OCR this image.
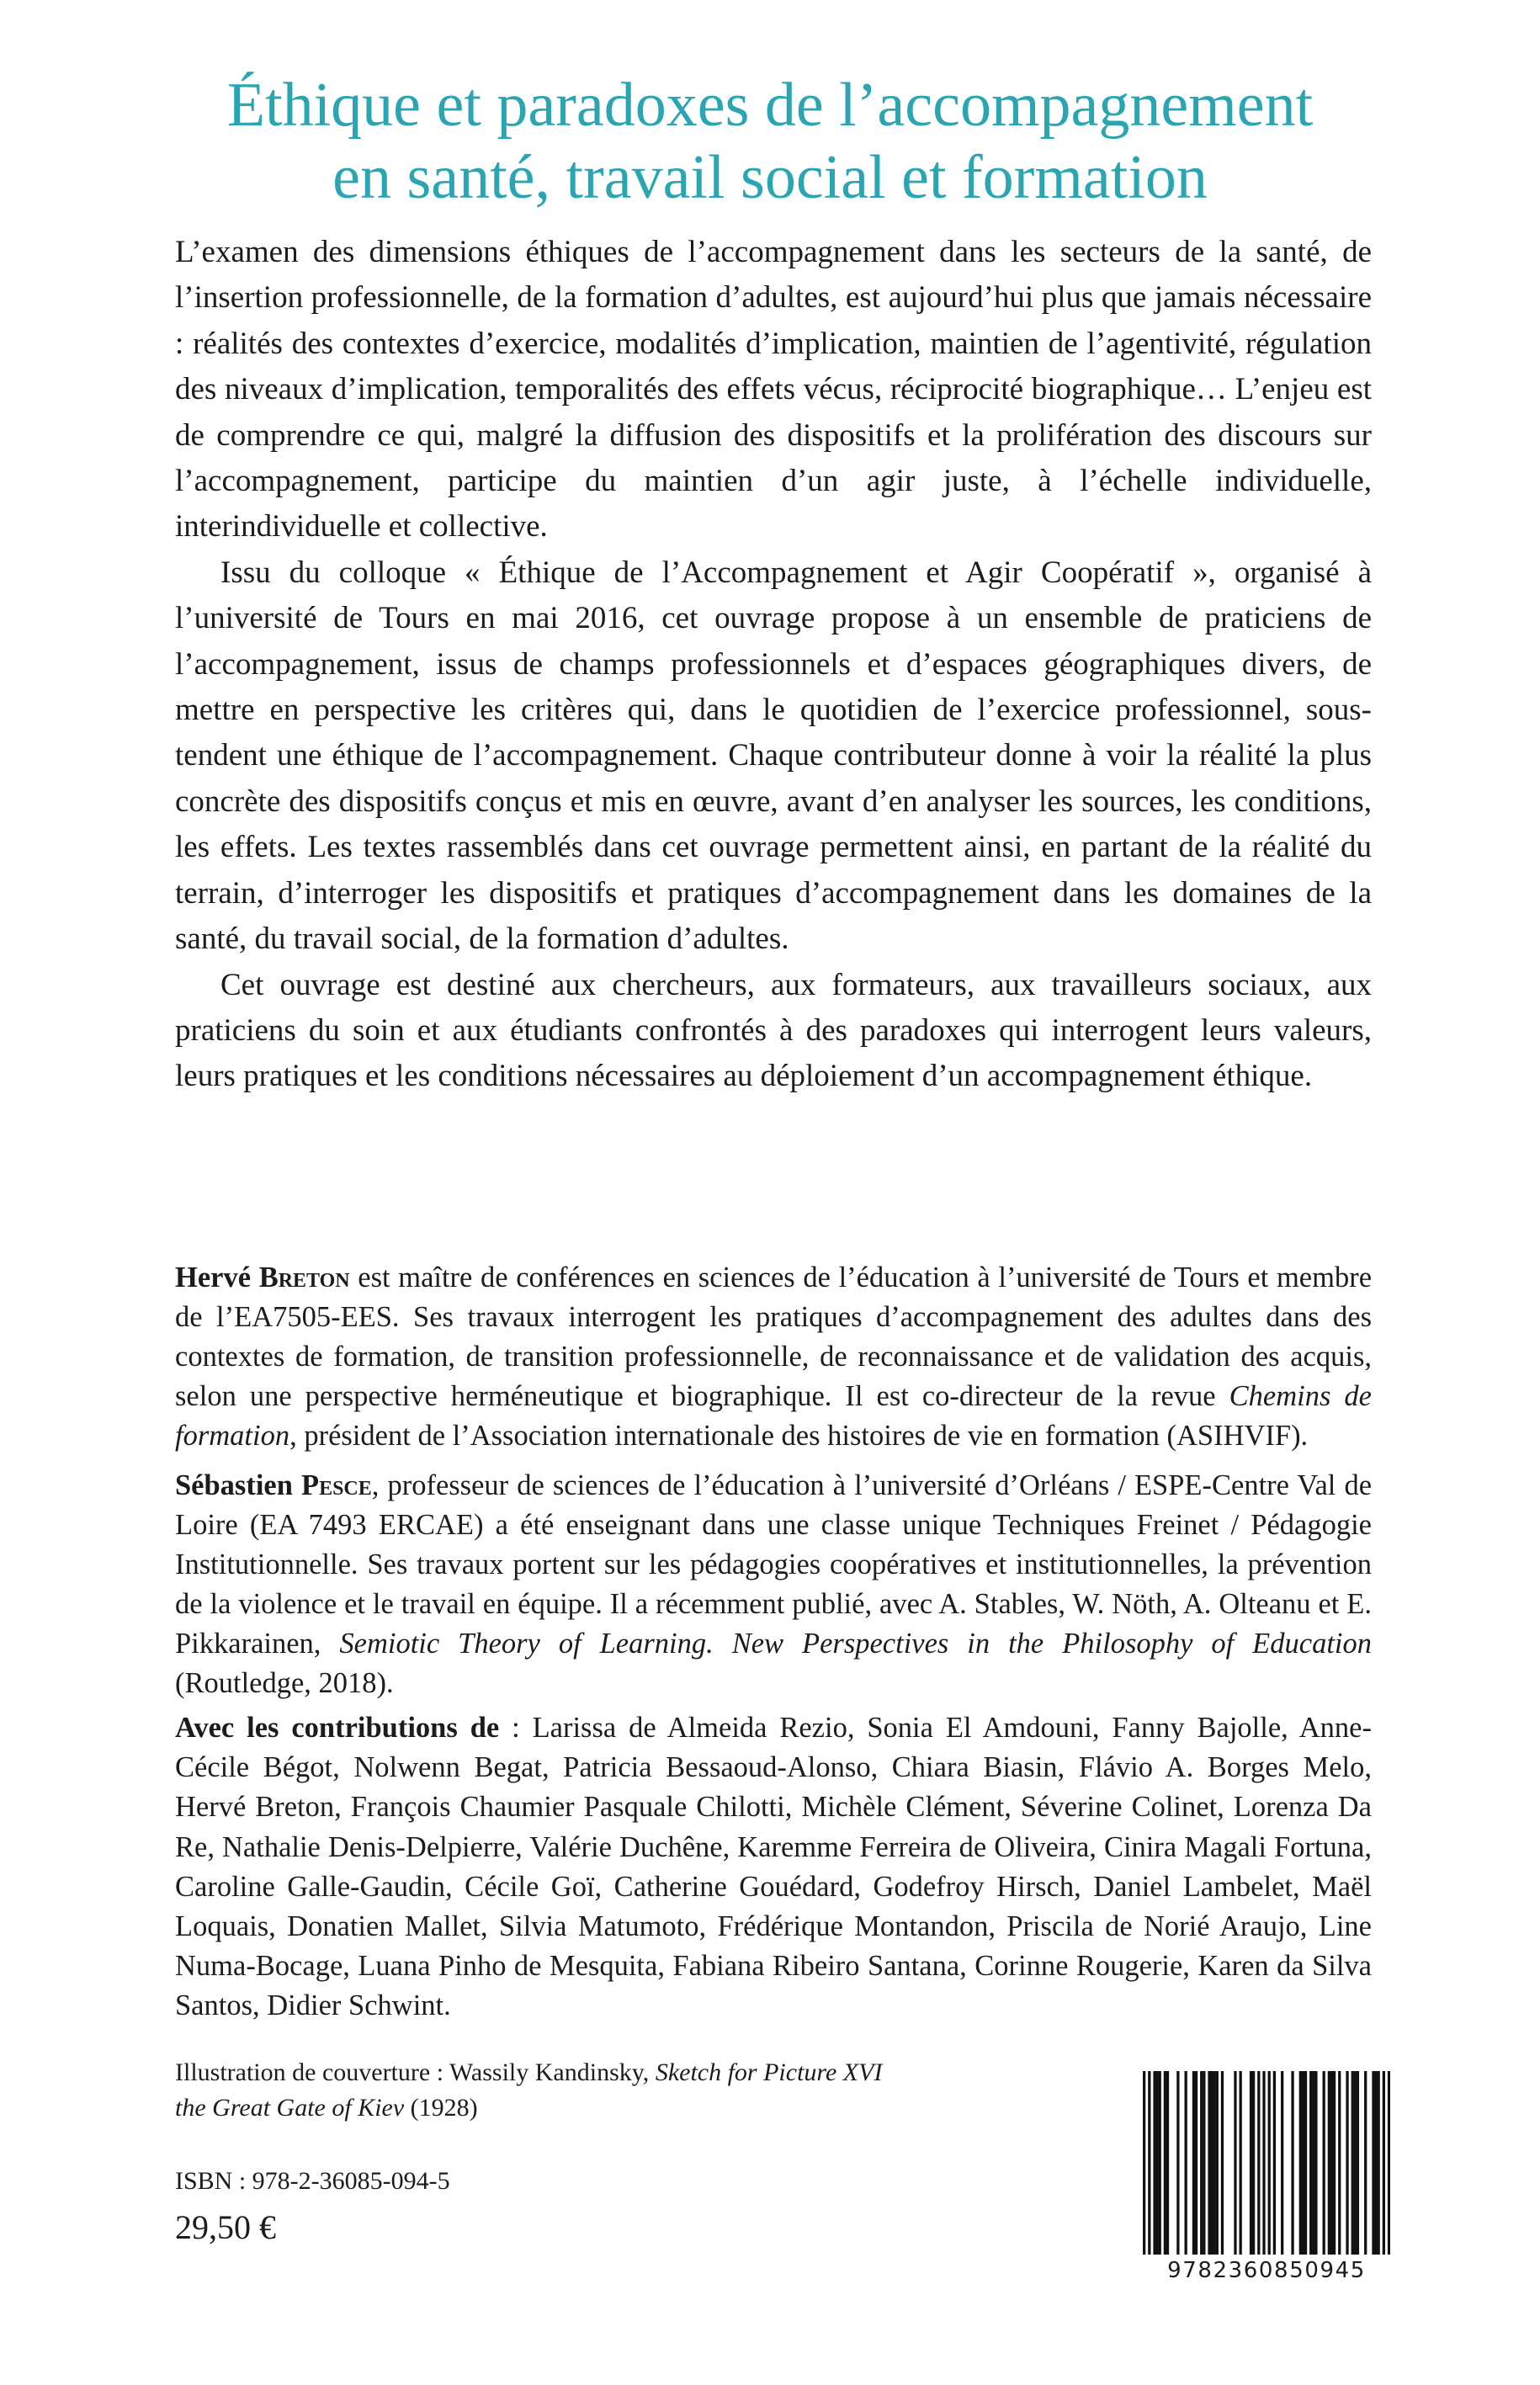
Éthique et paradoxes de l’accompagnement
en santé, travail social et formation

L’examen des dimensions éthiques de l’accompagnement dans les secteurs de la santé, de l’insertion professionnelle, de la formation d’adultes, est aujourd’hui plus que jamais nécessaire : réalités des contextes d’exercice, modalités d’implication, maintien de l’agentivité, régulation des niveaux d’implication, temporalités des effets vécus, réciprocité biographique… L’enjeu est de comprendre ce qui, malgré la diffusion des dispositifs et la prolifération des discours sur l’accompagnement, participe du maintien d’un agir juste, à l’échelle individuelle, interindividuelle et collective.

Issu du colloque « Éthique de l’Accompagnement et Agir Coopératif », organisé à l’université de Tours en mai 2016, cet ouvrage propose à un ensemble de praticiens de l’accompagnement, issus de champs professionnels et d’espaces géographiques divers, de mettre en perspective les critères qui, dans le quotidien de l’exercice professionnel, sous-tendent une éthique de l’accompagnement. Chaque contributeur donne à voir la réalité la plus concrète des dispositifs conçus et mis en œuvre, avant d’en analyser les sources, les conditions, les effets. Les textes rassemblés dans cet ouvrage permettent ainsi, en partant de la réalité du terrain, d’interroger les dispositifs et pratiques d’accompagnement dans les domaines de la santé, du travail social, de la formation d’adultes.

Cet ouvrage est destiné aux chercheurs, aux formateurs, aux travailleurs sociaux, aux praticiens du soin et aux étudiants confrontés à des paradoxes qui interrogent leurs valeurs, leurs pratiques et les conditions nécessaires au déploiement d’un accompagnement éthique.

Hervé Breton est maître de conférences en sciences de l’éducation à l’université de Tours et membre de l’EA7505-EES. Ses travaux interrogent les pratiques d’accompagnement des adultes dans des contextes de formation, de transition professionnelle, de reconnaissance et de validation des acquis, selon une perspective herméneutique et biographique. Il est co-directeur de la revue Chemins de formation, président de l’Association internationale des histoires de vie en formation (ASIHVIF).

Sébastien Pesce, professeur de sciences de l’éducation à l’université d’Orléans / ESPE-Centre Val de Loire (EA 7493 ERCAE) a été enseignant dans une classe unique Techniques Freinet / Pédagogie Institutionnelle. Ses travaux portent sur les pédagogies coopératives et institutionnelles, la prévention de la violence et le travail en équipe. Il a récemment publié, avec A. Stables, W. Nöth, A. Olteanu et E. Pikkarainen, Semiotic Theory of Learning. New Perspectives in the Philosophy of Education (Routledge, 2018).

Avec les contributions de : Larissa de Almeida Rezio, Sonia El Amdouni, Fanny Bajolle, Anne-Cécile Bégot, Nolwenn Begat, Patricia Bessaoud-Alonso, Chiara Biasin, Flávio A. Borges Melo, Hervé Breton, François Chaumier Pasquale Chilotti, Michèle Clément, Séverine Colinet, Lorenza Da Re, Nathalie Denis-Delpierre, Valérie Duchêne, Karemme Ferreira de Oliveira, Cinira Magali Fortuna, Caroline Galle-Gaudin, Cécile Goï, Catherine Gouédard, Godefroy Hirsch, Daniel Lambelet, Maël Loquais, Donatien Mallet, Silvia Matumoto, Frédérique Montandon, Priscila de Norié Araujo, Line Numa-Bocage, Luana Pinho de Mesquita, Fabiana Ribeiro Santana, Corinne Rougerie, Karen da Silva Santos, Didier Schwint.

Illustration de couverture : Wassily Kandinsky, Sketch for Picture XVI
the Great Gate of Kiev (1928)
ISBN : 978-2-36085-094-5
29,50 €
9782360850945
